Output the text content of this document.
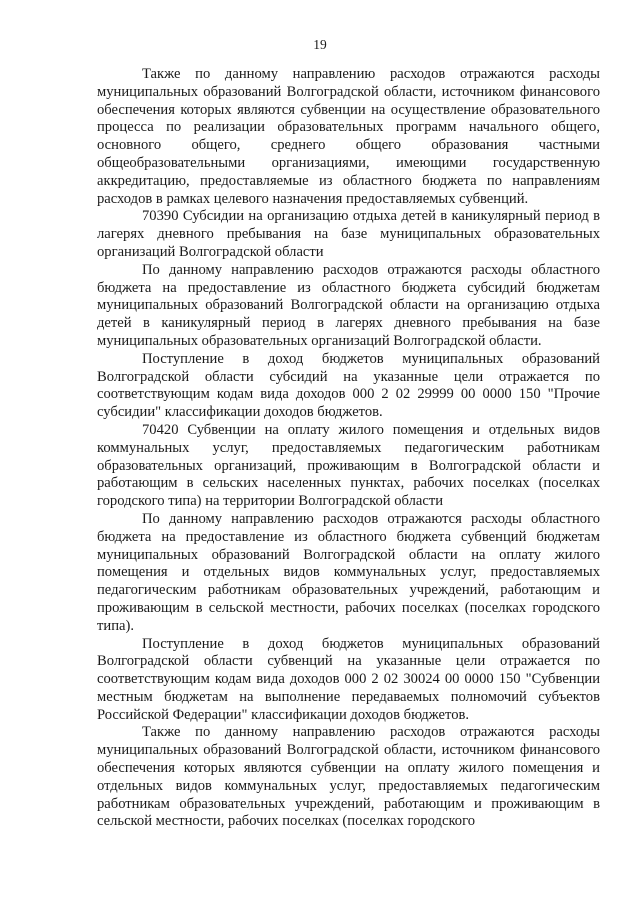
19

Также по данному направлению расходов отражаются расходы муниципальных образований Волгоградской области, источником финансового обеспечения которых являются субвенции на осуществление образовательного процесса по реализации образовательных программ начального общего, основного общего, среднего общего образования частными общеобразовательными организациями, имеющими государственную аккредитацию, предоставляемые из областного бюджета по направлениям расходов в рамках целевого назначения предоставляемых субвенций.

70390 Субсидии на организацию отдыха детей в каникулярный период в лагерях дневного пребывания на базе муниципальных образовательных организаций Волгоградской области

По данному направлению расходов отражаются расходы областного бюджета на предоставление из областного бюджета субсидий бюджетам муниципальных образований Волгоградской области на организацию отдыха детей в каникулярный период в лагерях дневного пребывания на базе муниципальных образовательных организаций Волгоградской области.

Поступление в доход бюджетов муниципальных образований Волгоградской области субсидий на указанные цели отражается по соответствующим кодам вида доходов 000 2 02 29999 00 0000 150 "Прочие субсидии" классификации доходов бюджетов.

70420 Субвенции на оплату жилого помещения и отдельных видов коммунальных услуг, предоставляемых педагогическим работникам образовательных организаций, проживающим в Волгоградской области и работающим в сельских населенных пунктах, рабочих поселках (поселках городского типа) на территории Волгоградской области

По данному направлению расходов отражаются расходы областного бюджета на предоставление из областного бюджета субвенций бюджетам муниципальных образований Волгоградской области на оплату жилого помещения и отдельных видов коммунальных услуг, предоставляемых педагогическим работникам образовательных учреждений, работающим и проживающим в сельской местности, рабочих поселках (поселках городского типа).

Поступление в доход бюджетов муниципальных образований Волгоградской области субвенций на указанные цели отражается по соответствующим кодам вида доходов 000 2 02 30024 00 0000 150 "Субвенции местным бюджетам на выполнение передаваемых полномочий субъектов Российской Федерации" классификации доходов бюджетов.

Также по данному направлению расходов отражаются расходы муниципальных образований Волгоградской области, источником финансового обеспечения которых являются субвенции на оплату жилого помещения и отдельных видов коммунальных услуг, предоставляемых педагогическим работникам образовательных учреждений, работающим и проживающим в сельской местности, рабочих поселках (поселках городского
